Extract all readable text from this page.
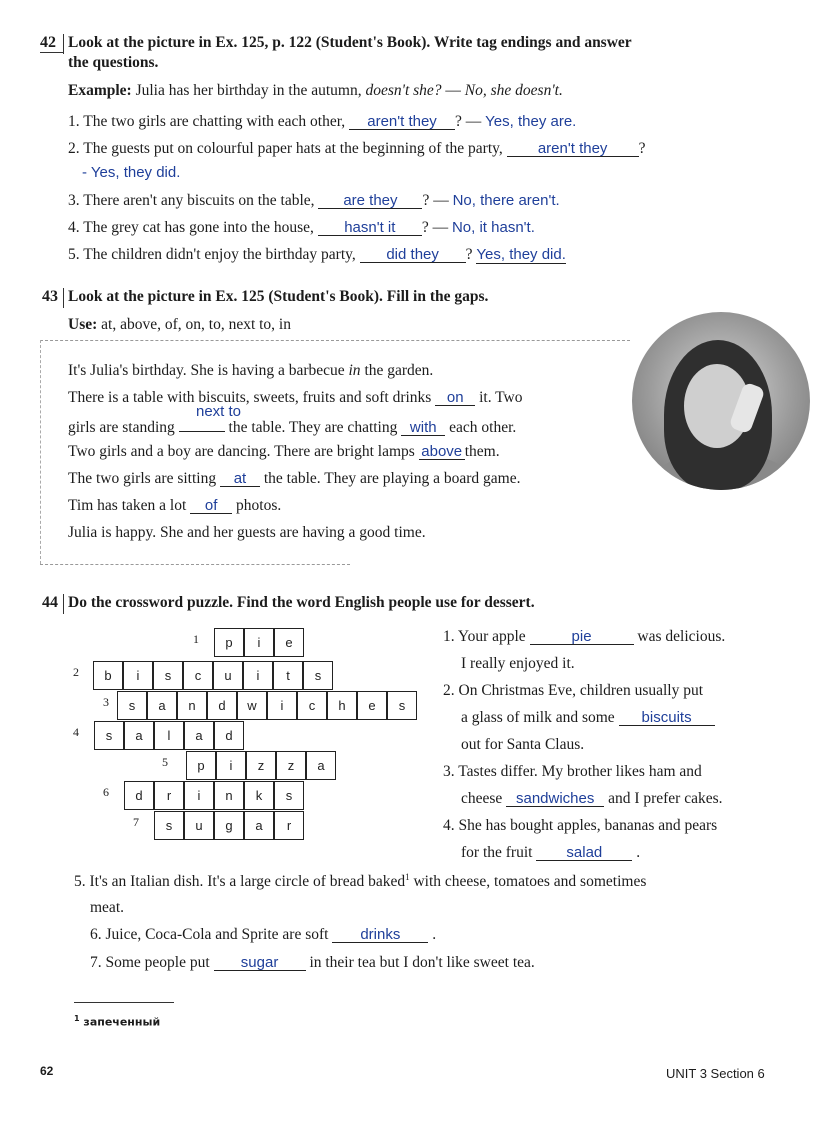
42 Look at the picture in Ex. 125, p. 122 (Student's Book). Write tag endings and answer
the questions.
Example: Julia has her birthday in the autumn, doesn't she? — No, she doesn't.
1. The two girls are chatting with each other, aren't they ? — Yes, they are.
2. The guests put on colourful paper hats at the beginning of the party, aren't they ?
- Yes, they did.
3. There aren't any biscuits on the table, are they ? — No, there aren't.
4. The grey cat has gone into the house, hasn't it ? — No, it hasn't.
5. The children didn't enjoy the birthday party, did they ? Yes, they did.
43 Look at the picture in Ex. 125 (Student's Book). Fill in the gaps.
Use: at, above, of, on, to, next to, in
It's Julia's birthday. She is having a barbecue in the garden.
There is a table with biscuits, sweets, fruits and soft drinks on it. Two
next to
girls are standing	the table. They are chatting with each other.
Two girls and a boy are dancing. There are bright lamps above them.
The two girls are sitting at the table. They are playing a board game.
Tim has taken a lot of photos.
Julia is happy. She and her guests are having a good time.
44 Do the crossword puzzle. Find the word English people use for dessert.
1	p	i	e
2	b	i	s	c	u	i	t	s
3	s	a	n	d	w	i	c	h	e	s
4	s	a	l	a	d
5	p	i	z	z	a
6	d	r	i	n	k	s
7	s	u	g	a	r
1. Your apple	pie	was delicious.
I really enjoyed it.
2. On Christmas Eve, children usually put
a glass of milk and some biscuits
out for Santa Claus.
3. Tastes differ. My brother likes ham and
cheese sandwiches and I prefer cakes.
4. She has bought apples, bananas and pears
for the fruit salad .
5. It's an Italian dish. It's a large circle of bread baked$^1$ with cheese, tomatoes and sometimes
meat.
6. Juice, Coca-Cola and Sprite are soft drinks .
7. Some people put sugar in their tea but I don't like sweet tea.
$^1$ запеченный
62	UNIT 3 Section 6
